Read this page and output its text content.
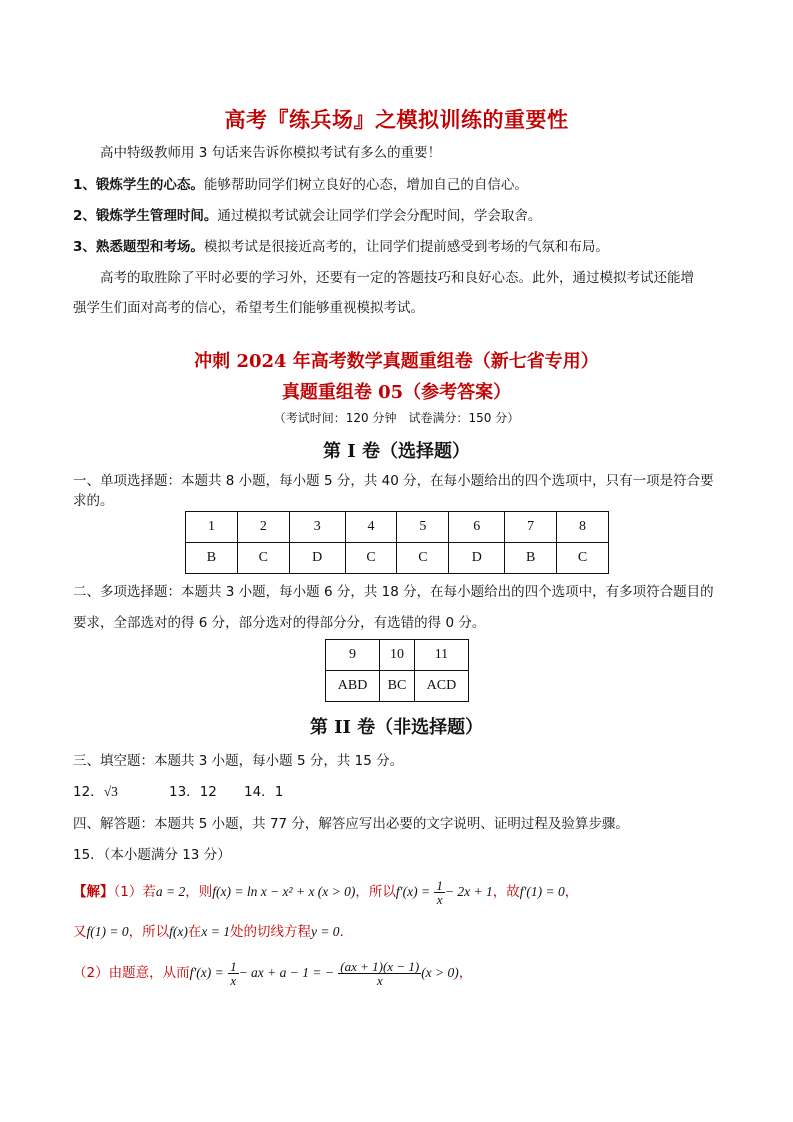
高考『练兵场』之模拟训练的重要性
高中特级教师用 3 句话来告诉你模拟考试有多么的重要！
1、锻炼学生的心态。能够帮助同学们树立良好的心态，增加自己的自信心。
2、锻炼学生管理时间。通过模拟考试就会让同学们学会分配时间，学会取舍。
3、熟悉题型和考场。模拟考试是很接近高考的，让同学们提前感受到考场的气氛和布局。
高考的取胜除了平时必要的学习外，还要有一定的答题技巧和良好心态。此外，通过模拟考试还能增
强学生们面对高考的信心，希望考生们能够重视模拟考试。
冲刺 2024 年高考数学真题重组卷（新七省专用）
真题重组卷 05（参考答案）
（考试时间：120 分钟　试卷满分：150 分）
第 I 卷（选择题）
一、单项选择题：本题共 8 小题，每小题 5 分，共 40 分，在每小题给出的四个选项中，只有一项是符合要
求的。
1	2	3	4	5	6	7	8
B	C	D	C	C	D	B	C
二、多项选择题：本题共 3 小题，每小题 6 分，共 18 分，在每小题给出的四个选项中，有多项符合题目的
要求，全部选对的得 6 分，部分选对的得部分分，有选错的得 0 分。
9	10	11
ABD	BC	ACD
第 II 卷（非选择题）
三、填空题：本题共 3 小题，每小题 5 分，共 15 分。
12．√3	13．12 14．1
四、解答题：本题共 5 小题，共 77 分，解答应写出必要的文字说明、证明过程及验算步骤。
15．（本小题满分 13 分）
【解】（1）若a = 2，则f(x) = ln x − x² + x (x > 0)，所以$f'(x) = \frac{1}{x} - 2x + 1$，故f′(1) = 0，
又f(1) = 0，所以f(x)在x = 1处的切线方程y = 0．
（2）由题意，从而$f'(x) = \frac{1}{x}$ − ax + a − 1 = − $\frac{(ax + 1)(x - 1)}{x} (x > 0)$，
